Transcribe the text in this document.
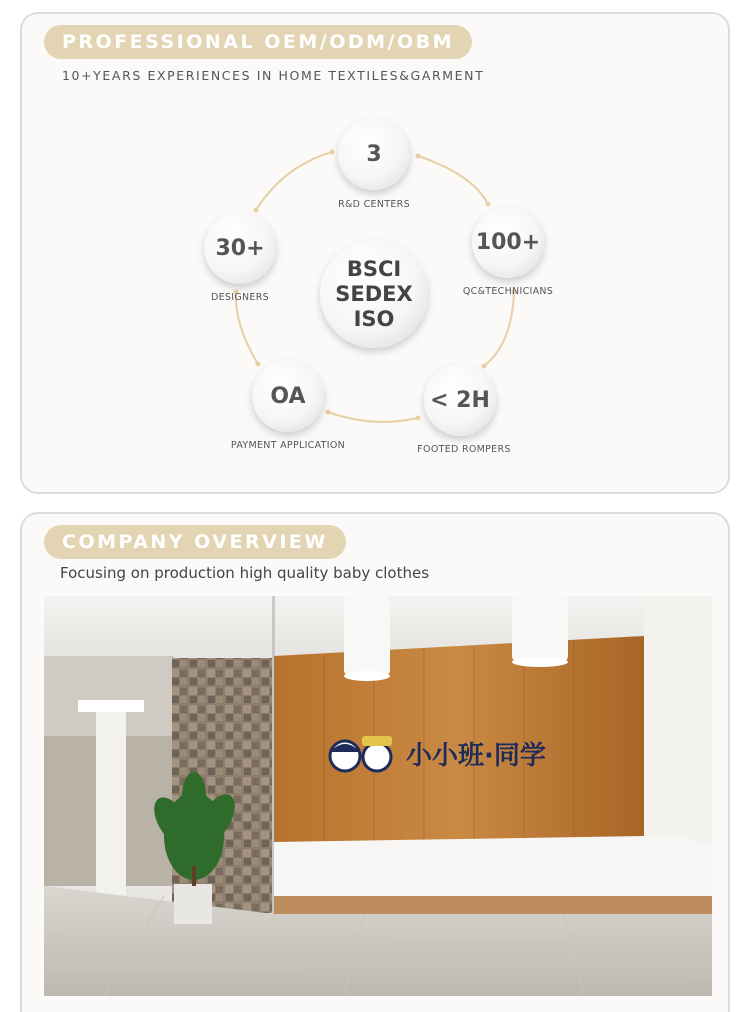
PROFESSIONAL OEM/ODM/OBM
10+YEARS EXPERIENCES IN HOME TEXTILES&GARMENT
BSCI
SEDEX
ISO
3
R&D CENTERS
100+
QC&TECHNICIANS
< 2H
FOOTED ROMPERS
OA
PAYMENT APPLICATION
30+
DESIGNERS
COMPANY OVERVIEW
Focusing on production high quality baby clothes
小小班·同学
